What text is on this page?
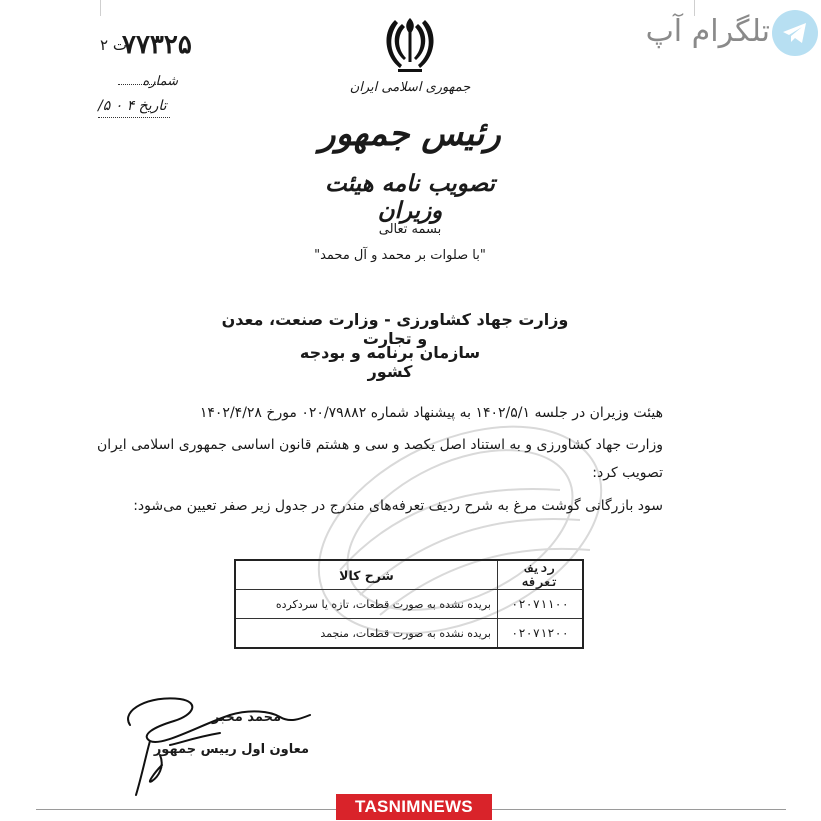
۷۷۳۲۵
ت ۲
شماره
تاریخ ۴ ۰ ۵/
تلگرام آپ
جمهوری اسلامی ایران
رئیس جمهور
تصویب نامه هیئت وزیران
بسمه تعالی
"با صلوات بر محمد و آل محمد"
وزارت جهاد کشاورزی - وزارت صنعت، معدن و تجارت
سازمان برنامه و بودجه کشور
هیئت وزیران در جلسه ۱۴۰۲/۵/۱ به پیشنهاد شماره ۰۲۰/۷۹۸۸۲ مورخ ۱۴۰۲/۴/۲۸
وزارت جهاد کشاورزی و به استناد اصل یکصد و سی و هشتم قانون اساسی جمهوری اسلامی ایران
تصویب کرد:
سود بازرگانی گوشت مرغ به شرح ردیف تعرفه‌های مندرج در جدول زیر صفر تعیین می‌شود:
ردیف تعرفه	شرح کالا
۰۲۰۷۱۱۰۰	بریده نشده به صورت قطعات، تازه یا سردکرده
۰۲۰۷۱۲۰۰	بریده نشده به صورت قطعات، منجمد
محمد مخبر
معاون اول رییس جمهور
TASNIMNEWS
